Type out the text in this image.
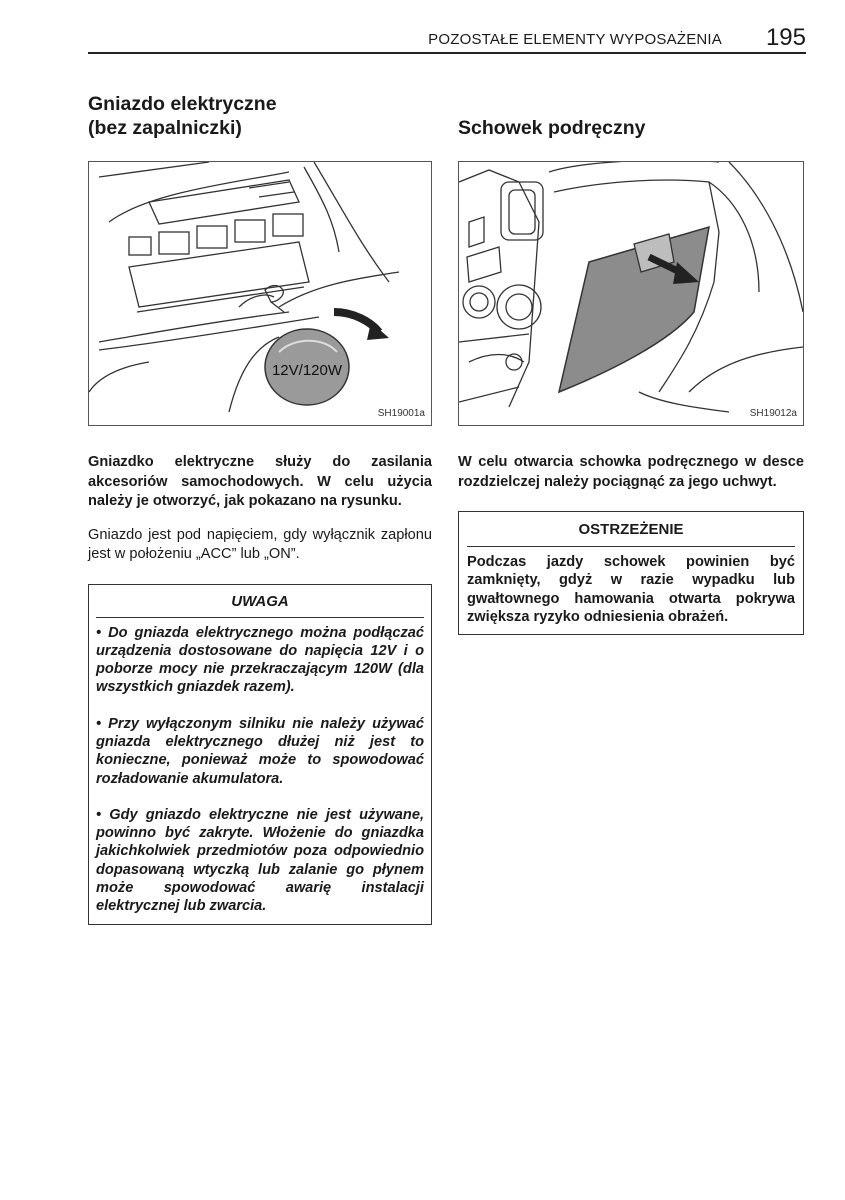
POZOSTAŁE ELEMENTY WYPOSAŻENIA 195
Gniazdo elektryczne
(bez zapalniczki)
12V/120W
SH19001a

Gniazdko elektryczne służy do zasilania akcesoriów samochodowych. W celu użycia należy je otworzyć, jak pokazano na rysunku.

Gniazdo jest pod napięciem, gdy wyłącznik zapłonu jest w położeniu „ACC” lub „ON”.

UWAGA
• Do gniazda elektrycznego można podłączać urządzenia dostosowane do napięcia 12V i o poborze mocy nie przekraczającym 120W (dla wszystkich gniazdek razem).
• Przy wyłączonym silniku nie należy używać gniazda elektrycznego dłużej niż jest to konieczne, ponieważ może to spowodować rozładowanie akumulatora.
• Gdy gniazdo elektryczne nie jest używane, powinno być zakryte. Włożenie do gniazdka jakichkolwiek przedmiotów poza odpowiednio dopasowaną wtyczką lub zalanie go płynem może spowodować awarię instalacji elektrycznej lub zwarcia.
Schowek podręczny
SH19012a

W celu otwarcia schowka podręcznego w desce rozdzielczej należy pociągnąć za jego uchwyt.

OSTRZEŻENIE

Podczas jazdy schowek powinien być zamknięty, gdyż w razie wypadku lub gwałtownego hamowania otwarta pokrywa zwiększa ryzyko odniesienia obrażeń.
